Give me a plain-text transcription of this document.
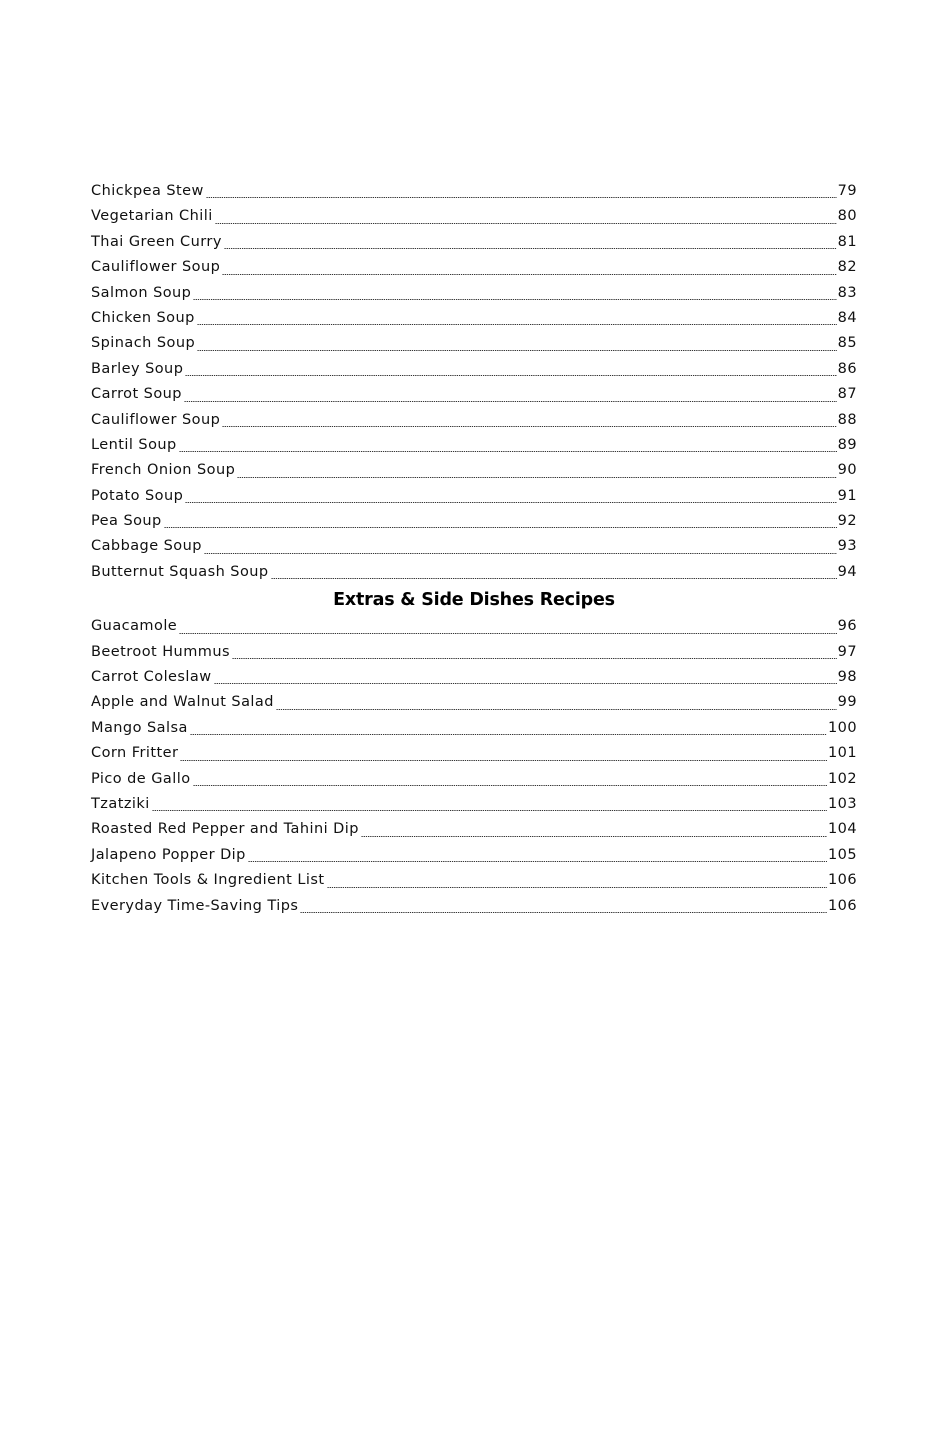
Chickpea Stew	79
Vegetarian Chili	80
Thai Green Curry	81
Cauliflower Soup	82
Salmon Soup	83
Chicken Soup	84
Spinach Soup	85
Barley Soup	86
Carrot Soup	87
Cauliflower Soup	88
Lentil Soup	89
French Onion Soup	90
Potato Soup	91
Pea Soup	92
Cabbage Soup	93
Butternut Squash Soup	94
Extras & Side Dishes Recipes
Guacamole	96
Beetroot Hummus	97
Carrot Coleslaw	98
Apple and Walnut Salad	99
Mango Salsa	100
Corn Fritter	101
Pico de Gallo	102
Tzatziki	103
Roasted Red Pepper and Tahini Dip	104
Jalapeno Popper Dip	105
Kitchen Tools & Ingredient List	106
Everyday Time-Saving Tips	106
